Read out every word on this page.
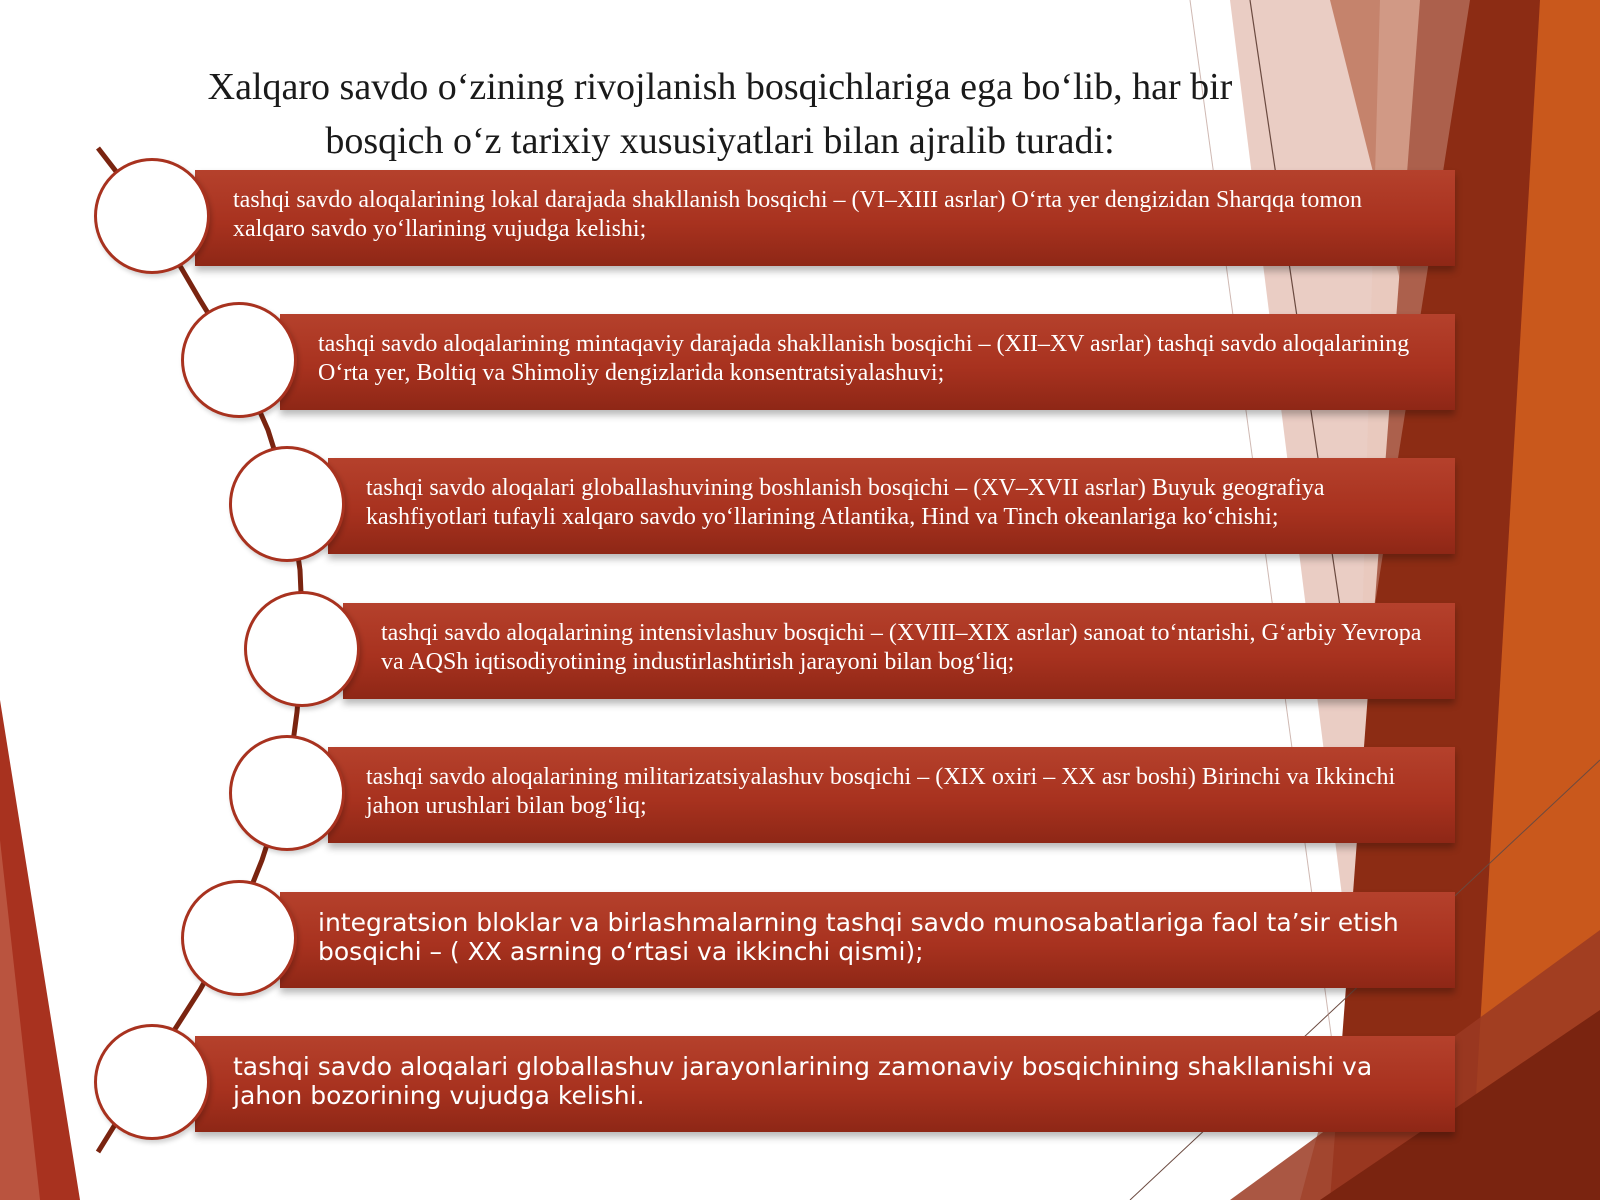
Xalqaro savdo o‘zining rivojlanish bosqichlariga ega bo‘lib, har bir
bosqich o‘z tarixiy xususiyatlari bilan ajralib turadi:
tashqi savdo aloqalarining lokal darajada shakllanish bosqichi – (VI–XIII asrlar) O‘rta yer dengizidan Sharqqa tomon xalqaro savdo yo‘llarining vujudga kelishi;
tashqi savdo aloqalarining mintaqaviy darajada shakllanish bosqichi – (XII–XV asrlar) tashqi savdo aloqalarining O‘rta yer, Boltiq va Shimoliy dengizlarida konsentratsiyalashuvi;
tashqi savdo aloqalari globallashuvining boshlanish bosqichi – (XV–XVII asrlar) Buyuk geografiya kashfiyotlari tufayli xalqaro savdo yo‘llarining Atlantika, Hind va Tinch okeanlariga ko‘chishi;
tashqi savdo aloqalarining intensivlashuv bosqichi – (XVIII–XIX asrlar) sanoat to‘ntarishi, G‘arbiy Yevropa va AQSh iqtisodiyotining industirlashtirish jarayoni bilan bog‘liq;
tashqi savdo aloqalarining militarizatsiyalashuv bosqichi – (XIX oxiri – XX asr boshi) Birinchi va Ikkinchi jahon urushlari bilan bog‘liq;
integratsion bloklar va birlashmalarning tashqi savdo munosabatlariga faol ta’sir etish bosqichi – ( XX asrning o‘rtasi va ikkinchi qismi);
tashqi savdo aloqalari globallashuv jarayonlarining zamonaviy bosqichining shakllanishi va jahon bozorining vujudga kelishi.
